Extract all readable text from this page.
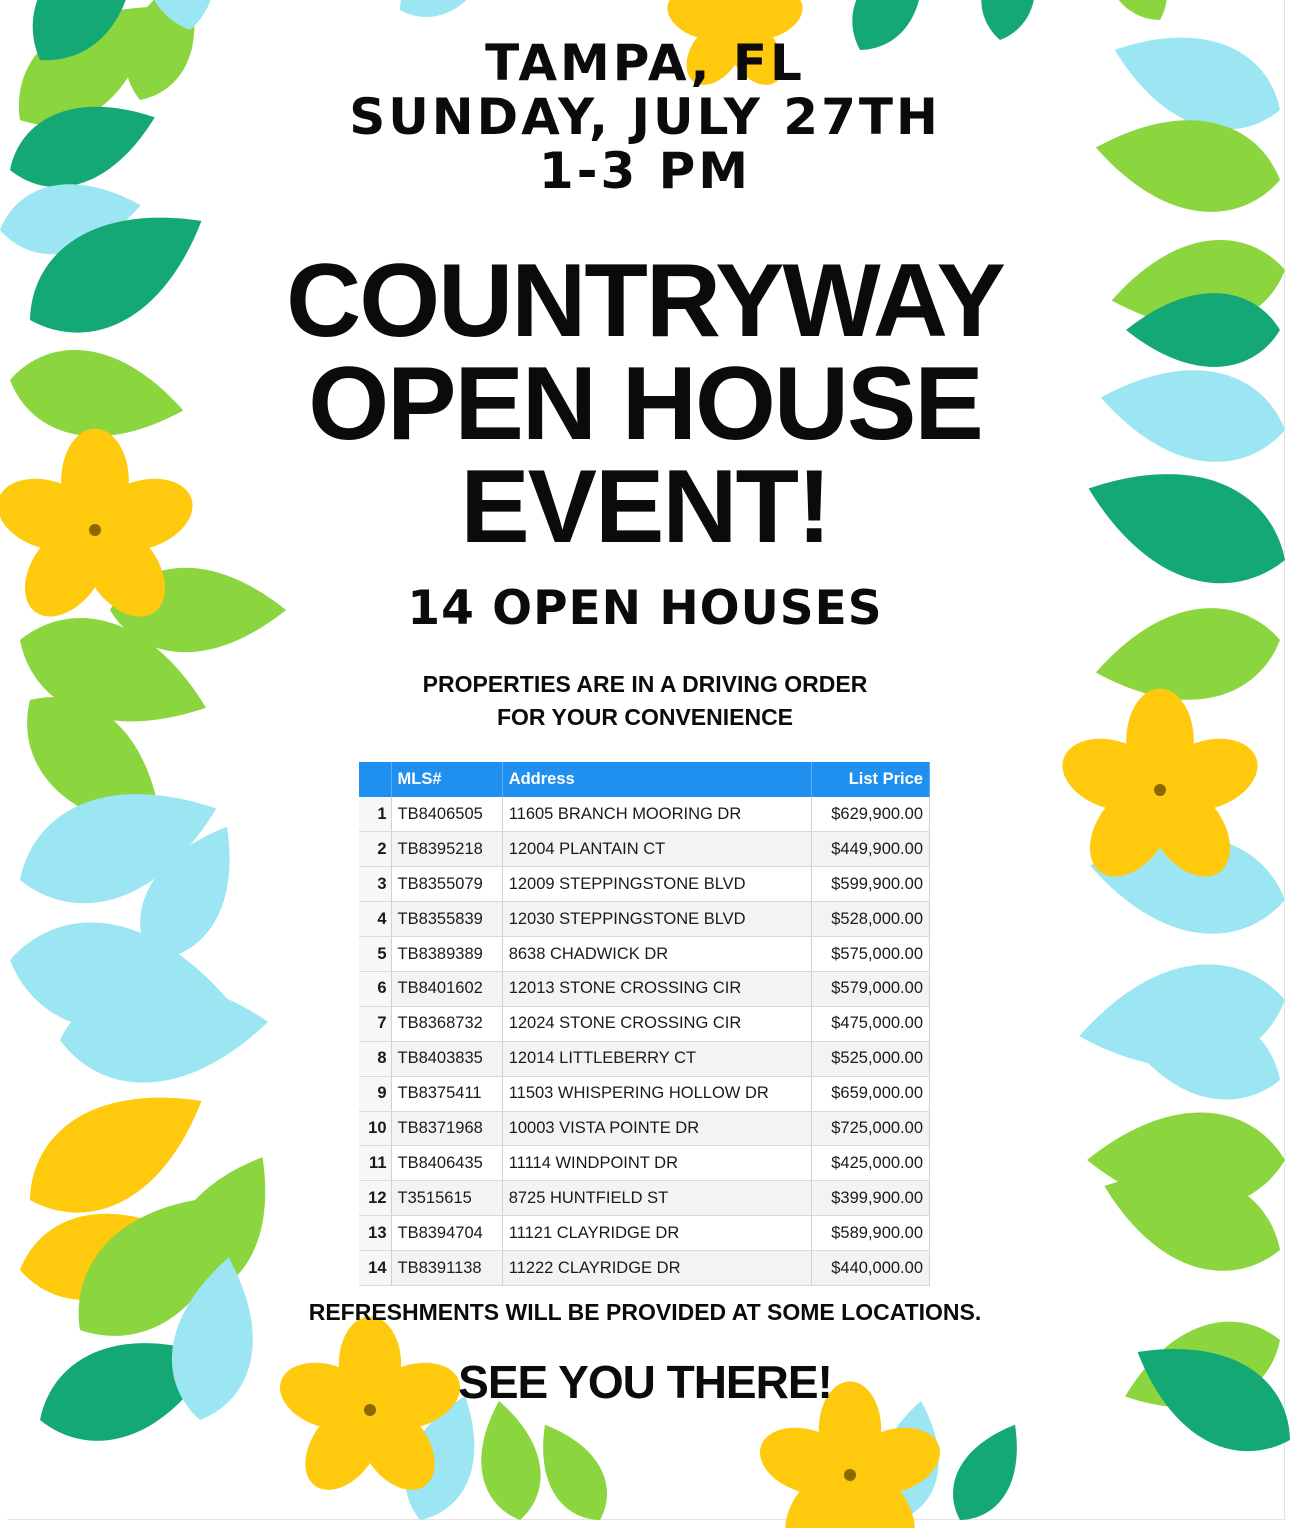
TAMPA, FL
SUNDAY, JULY 27TH
1-3 PM
COUNTRYWAY
OPEN HOUSE
EVENT!
14 OPEN HOUSES
PROPERTIES ARE IN A DRIVING ORDER
FOR YOUR CONVENIENCE
	MLS#	Address	List Price
1	TB8406505	11605 BRANCH MOORING DR	$629,900.00
2	TB8395218	12004 PLANTAIN CT	$449,900.00
3	TB8355079	12009 STEPPINGSTONE BLVD	$599,900.00
4	TB8355839	12030 STEPPINGSTONE BLVD	$528,000.00
5	TB8389389	8638 CHADWICK DR	$575,000.00
6	TB8401602	12013 STONE CROSSING CIR	$579,000.00
7	TB8368732	12024 STONE CROSSING CIR	$475,000.00
8	TB8403835	12014 LITTLEBERRY CT	$525,000.00
9	TB8375411	11503 WHISPERING HOLLOW DR	$659,000.00
10	TB8371968	10003 VISTA POINTE DR	$725,000.00
11	TB8406435	11114 WINDPOINT DR	$425,000.00
12	T3515615	8725 HUNTFIELD ST	$399,900.00
13	TB8394704	11121 CLAYRIDGE DR	$589,900.00
14	TB8391138	11222 CLAYRIDGE DR	$440,000.00
REFRESHMENTS WILL BE PROVIDED AT SOME LOCATIONS.
SEE YOU THERE!
